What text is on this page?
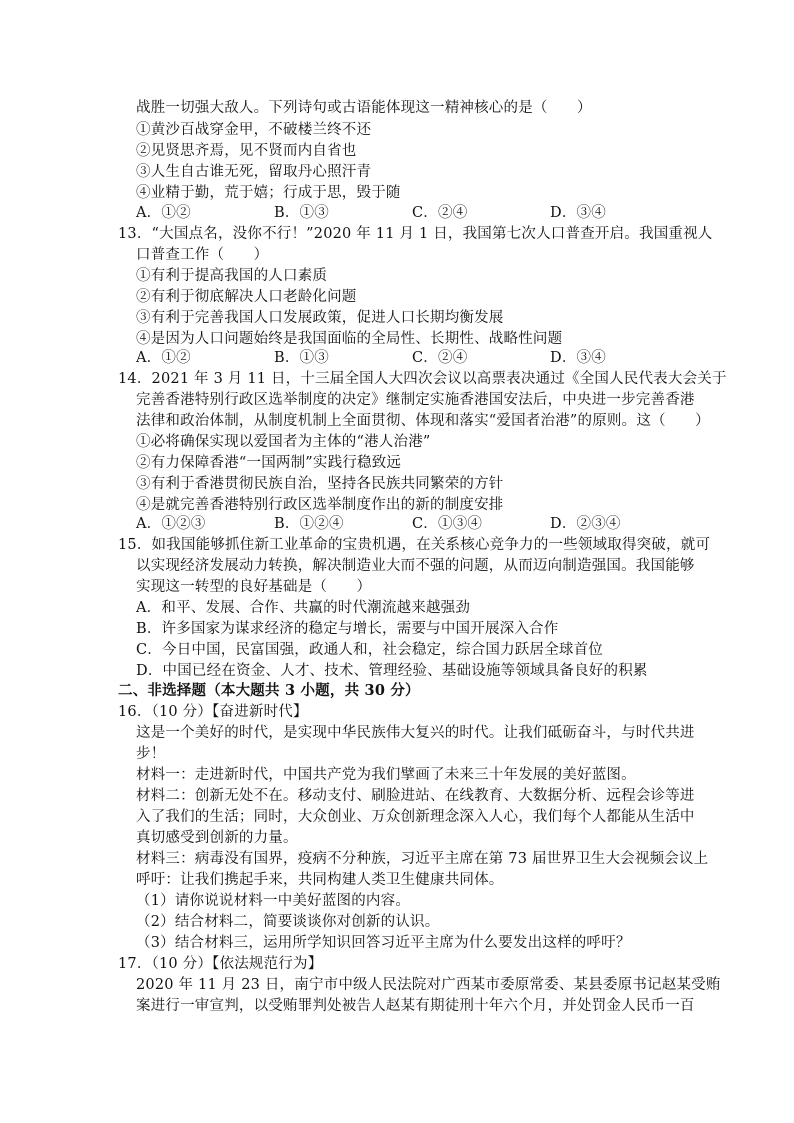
战胜一切强大敌人。下列诗句或古语能体现这一精神核心的是（　　）
①黄沙百战穿金甲，不破楼兰终不还
②见贤思齐焉，见不贤而内自省也
③人生自古谁无死，留取丹心照汗青
④业精于勤，荒于嬉；行成于思，毁于随
A．①②	B．①③	C．②④	D．③④
13．“大国点名，没你不行！”2020 年 11 月 1 日，我国第七次人口普查开启。我国重视人
口普查工作（　　）
①有利于提高我国的人口素质
②有利于彻底解决人口老龄化问题
③有利于完善我国人口发展政策，促进人口长期均衡发展
④是因为人口问题始终是我国面临的全局性、长期性、战略性问题
A．①②	B．①③	C．②④	D．③④
14．2021 年 3 月 11 日，十三届全国人大四次会议以高票表决通过《全国人民代表大会关于
完善香港特别行政区选举制度的决定》继制定实施香港国安法后，中央进一步完善香港
法律和政治体制，从制度机制上全面贯彻、体现和落实“爱国者治港”的原则。这（　　）
①必将确保实现以爱国者为主体的“港人治港”
②有力保障香港“一国两制”实践行稳致远
③有利于香港贯彻民族自治，坚持各民族共同繁荣的方针
④是就完善香港特别行政区选举制度作出的新的制度安排
A．①②③	B．①②④	C．①③④	D．②③④
15．如我国能够抓住新工业革命的宝贵机遇，在关系核心竞争力的一些领域取得突破，就可
以实现经济发展动力转换，解决制造业大而不强的问题，从而迈向制造强国。我国能够
实现这一转型的良好基础是（　　）
A．和平、发展、合作、共赢的时代潮流越来越强劲
B．许多国家为谋求经济的稳定与增长，需要与中国开展深入合作
C．今日中国，民富国强，政通人和，社会稳定，综合国力跃居全球首位
D．中国已经在资金、人才、技术、管理经验、基础设施等领域具备良好的积累
二、非选择题（本大题共 3 小题，共 30 分）
16．（10 分）【奋进新时代】
这是一个美好的时代，是实现中华民族伟大复兴的时代。让我们砥砺奋斗，与时代共进
步！
材料一：走进新时代，中国共产党为我们擘画了未来三十年发展的美好蓝图。
材料二：创新无处不在。移动支付、刷脸进站、在线教育、大数据分析、远程会诊等进
入了我们的生活；同时，大众创业、万众创新理念深入人心，我们每个人都能从生活中
真切感受到创新的力量。
材料三：病毒没有国界，疫病不分种族，习近平主席在第 73 届世界卫生大会视频会议上
呼吁：让我们携起手来，共同构建人类卫生健康共同体。
（1）请你说说材料一中美好蓝图的内容。
（2）结合材料二，简要谈谈你对创新的认识。
（3）结合材料三，运用所学知识回答习近平主席为什么要发出这样的呼吁？
17．（10 分）【依法规范行为】
2020 年 11 月 23 日，南宁市中级人民法院对广西某市委原常委、某县委原书记赵某受贿
案进行一审宣判，以受贿罪判处被告人赵某有期徒刑十年六个月，并处罚金人民币一百
